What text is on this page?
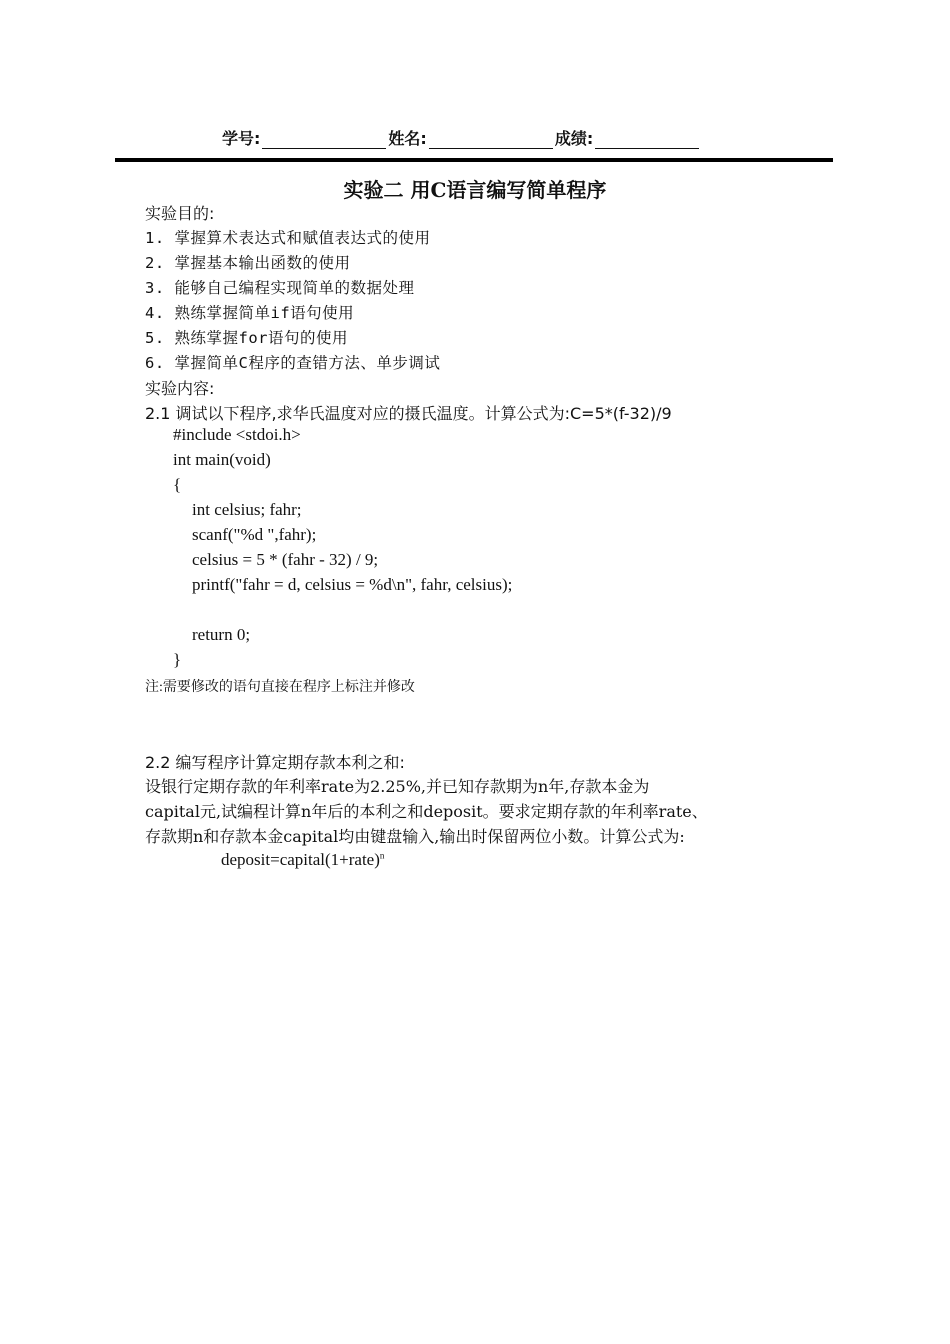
学号:	姓名:	成绩:
实验二 用C语言编写简单程序
实验目的:
1. 掌握算术表达式和赋值表达式的使用
2. 掌握基本输出函数的使用
3. 能够自己编程实现简单的数据处理
4. 熟练掌握简单if语句使用
5. 熟练掌握for语句的使用
6. 掌握简单C程序的查错方法、单步调试
实验内容:
2.1 调试以下程序,求华氏温度对应的摄氏温度。计算公式为:C=5*(f-32)/9
#include <stdoi.h>
int main(void)
{
int celsius; fahr;
scanf("%d ",fahr);
celsius = 5 * (fahr - 32) / 9;
printf("fahr = d, celsius = %d\n", fahr, celsius);
return 0;
}
注:需要修改的语句直接在程序上标注并修改
2.2 编写程序计算定期存款本利之和:
设银行定期存款的年利率rate为2.25%,并已知存款期为n年,存款本金为
capital元,试编程计算n年后的本利之和deposit。要求定期存款的年利率rate、
存款期n和存款本金capital均由键盘输入,输出时保留两位小数。计算公式为:
deposit=capital(1+rate)$^n$
